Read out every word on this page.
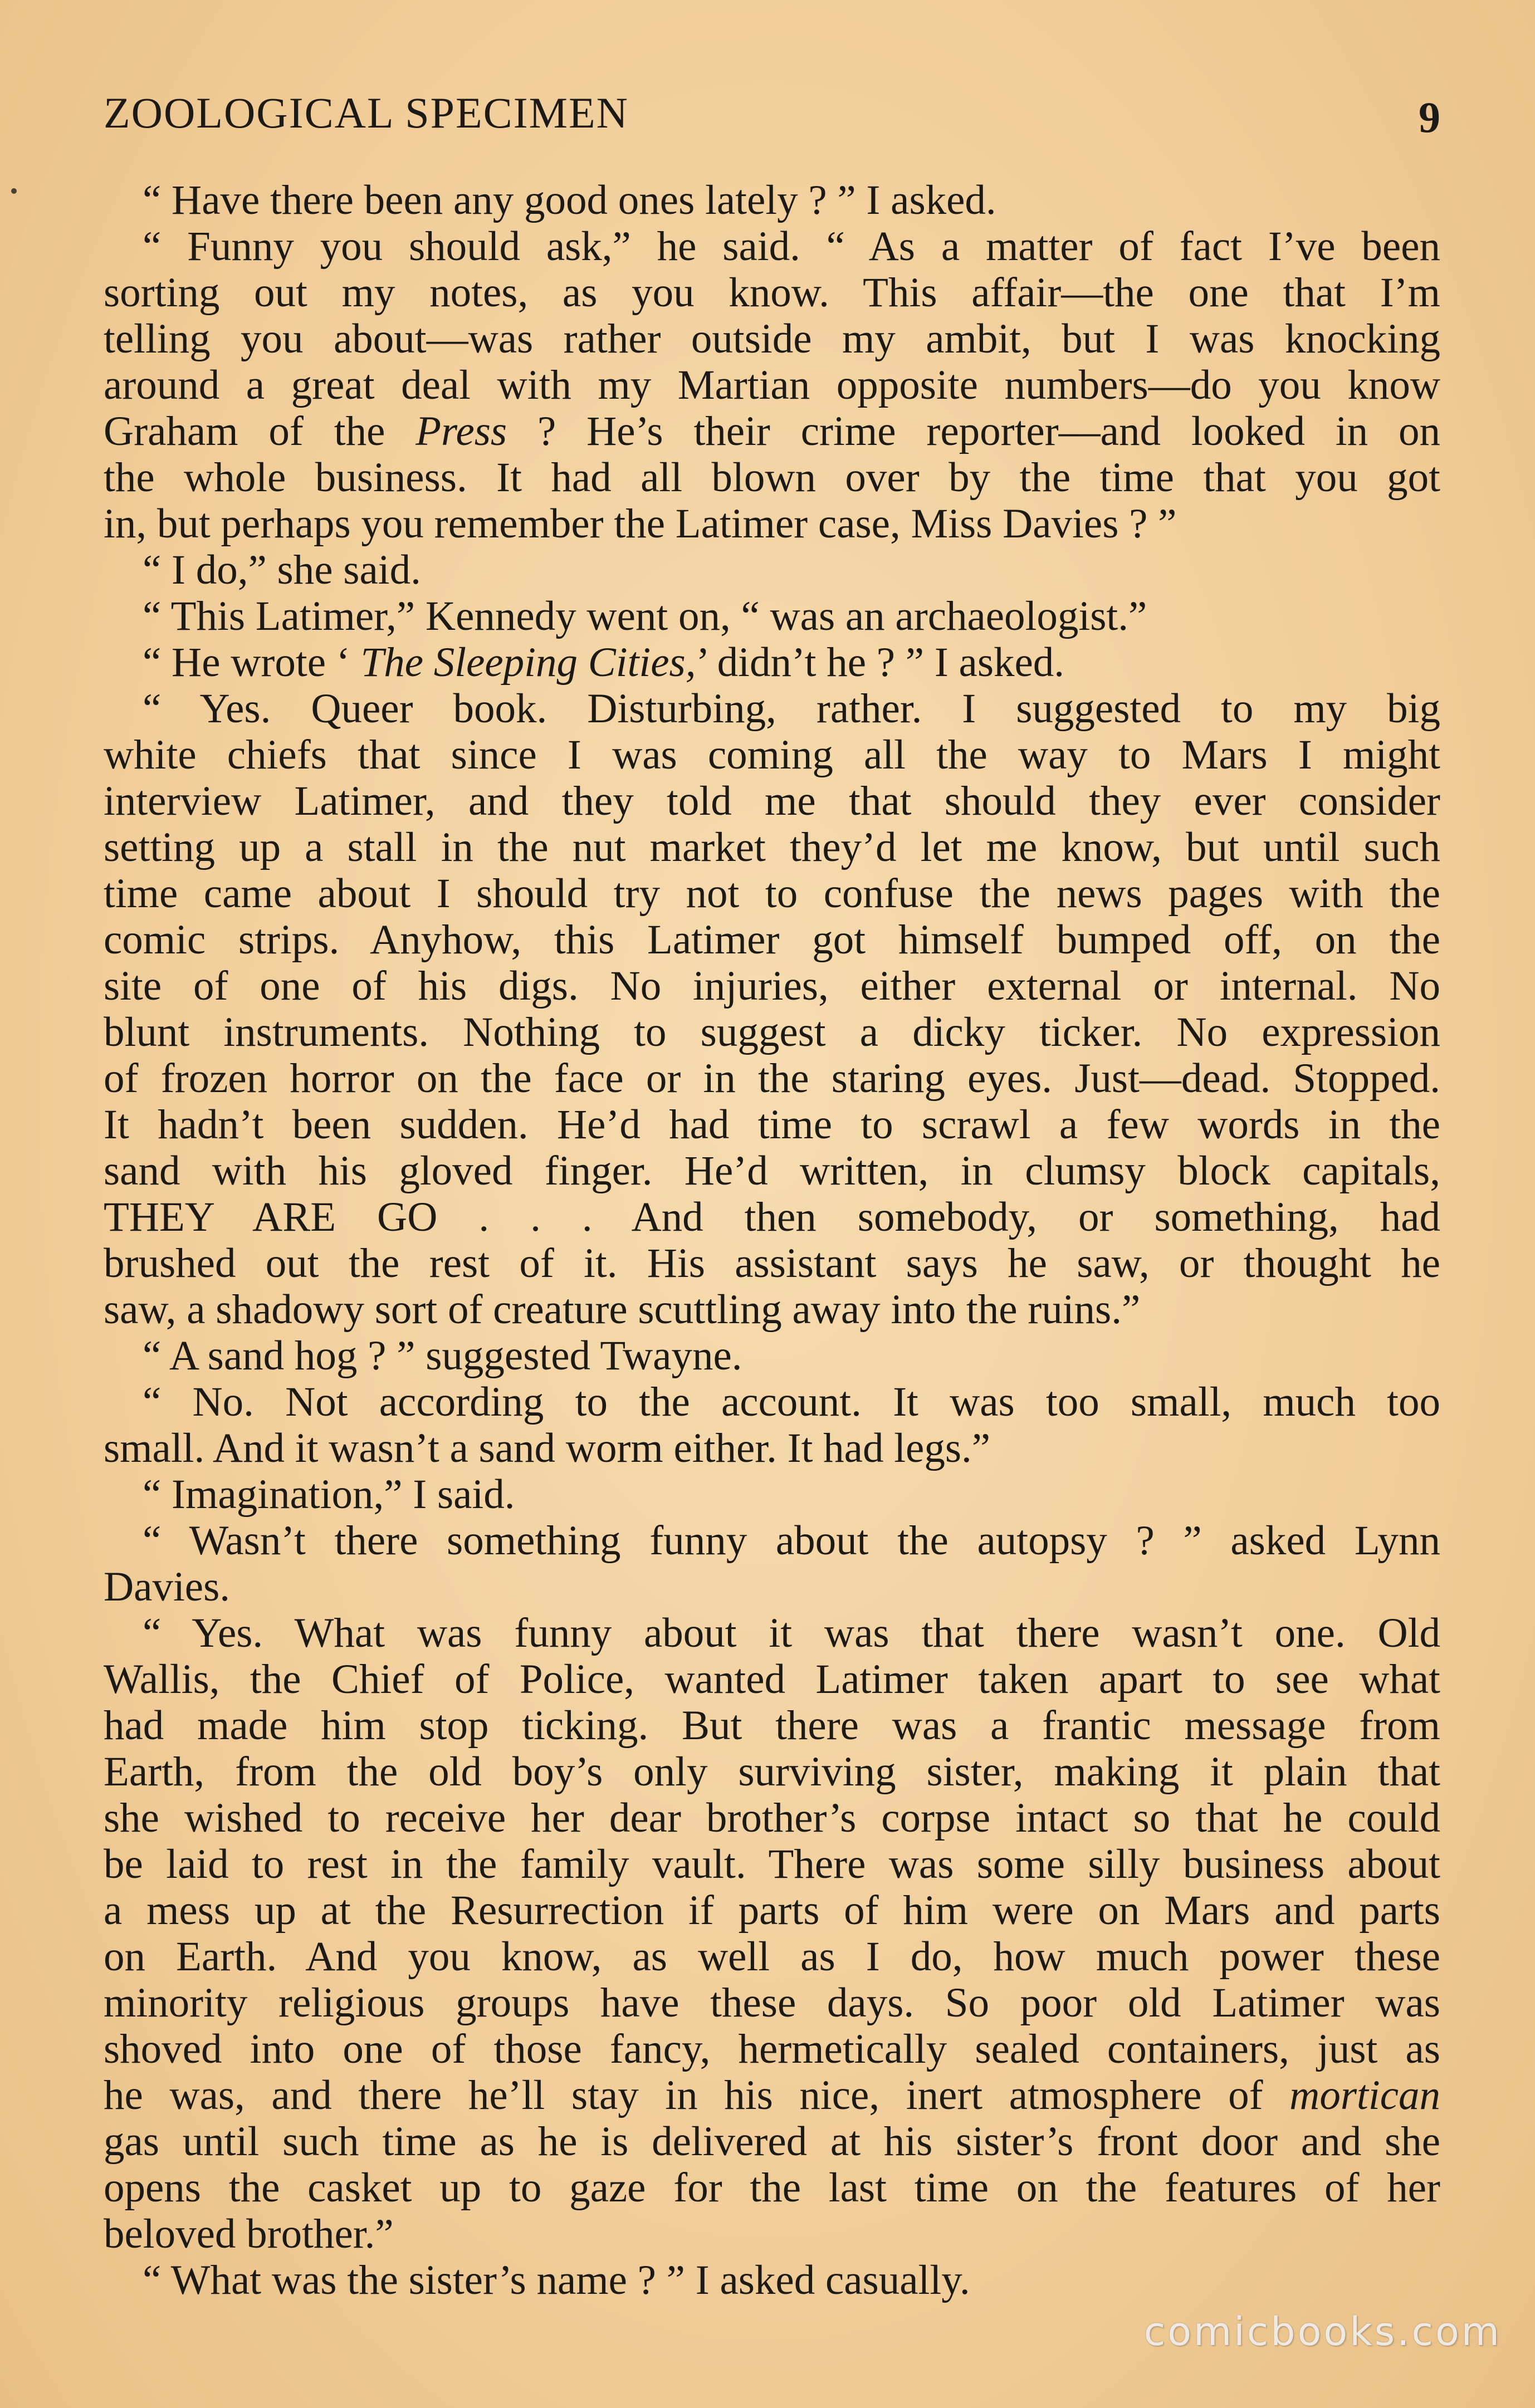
ZOOLOGICAL SPECIMEN	9
“ Have there been any good ones lately ? ” I asked.
“ Funny you should ask,” he said. “ As a matter of fact I’ve been
sorting out my notes, as you know. This affair—the one that I’m
telling you about—was rather outside my ambit, but I was knocking
around a great deal with my Martian opposite numbers—do you know
Graham of the Press ? He’s their crime reporter—and looked in on
the whole business. It had all blown over by the time that you got
in, but perhaps you remember the Latimer case, Miss Davies ? ”
“ I do,” she said.
“ This Latimer,” Kennedy went on, “ was an archaeologist.”
“ He wrote ‘ The Sleeping Cities,’ didn’t he ? ” I asked.
“ Yes. Queer book. Disturbing, rather. I suggested to my big
white chiefs that since I was coming all the way to Mars I might
interview Latimer, and they told me that should they ever consider
setting up a stall in the nut market they’d let me know, but until such
time came about I should try not to confuse the news pages with the
comic strips. Anyhow, this Latimer got himself bumped off, on the
site of one of his digs. No injuries, either external or internal. No
blunt instruments. Nothing to suggest a dicky ticker. No expression
of frozen horror on the face or in the staring eyes. Just—dead. Stopped.
It hadn’t been sudden. He’d had time to scrawl a few words in the
sand with his gloved finger. He’d written, in clumsy block capitals,
THEY ARE GO . . . And then somebody, or something, had
brushed out the rest of it. His assistant says he saw, or thought he
saw, a shadowy sort of creature scuttling away into the ruins.”
“ A sand hog ? ” suggested Twayne.
“ No. Not according to the account. It was too small, much too
small. And it wasn’t a sand worm either. It had legs.”
“ Imagination,” I said.
“ Wasn’t there something funny about the autopsy ? ” asked Lynn
Davies.
“ Yes. What was funny about it was that there wasn’t one. Old
Wallis, the Chief of Police, wanted Latimer taken apart to see what
had made him stop ticking. But there was a frantic message from
Earth, from the old boy’s only surviving sister, making it plain that
she wished to receive her dear brother’s corpse intact so that he could
be laid to rest in the family vault. There was some silly business about
a mess up at the Resurrection if parts of him were on Mars and parts
on Earth. And you know, as well as I do, how much power these
minority religious groups have these days. So poor old Latimer was
shoved into one of those fancy, hermetically sealed containers, just as
he was, and there he’ll stay in his nice, inert atmosphere of mortican
gas until such time as he is delivered at his sister’s front door and she
opens the casket up to gaze for the last time on the features of her
beloved brother.”
“ What was the sister’s name ? ” I asked casually.
comicbooks.com
